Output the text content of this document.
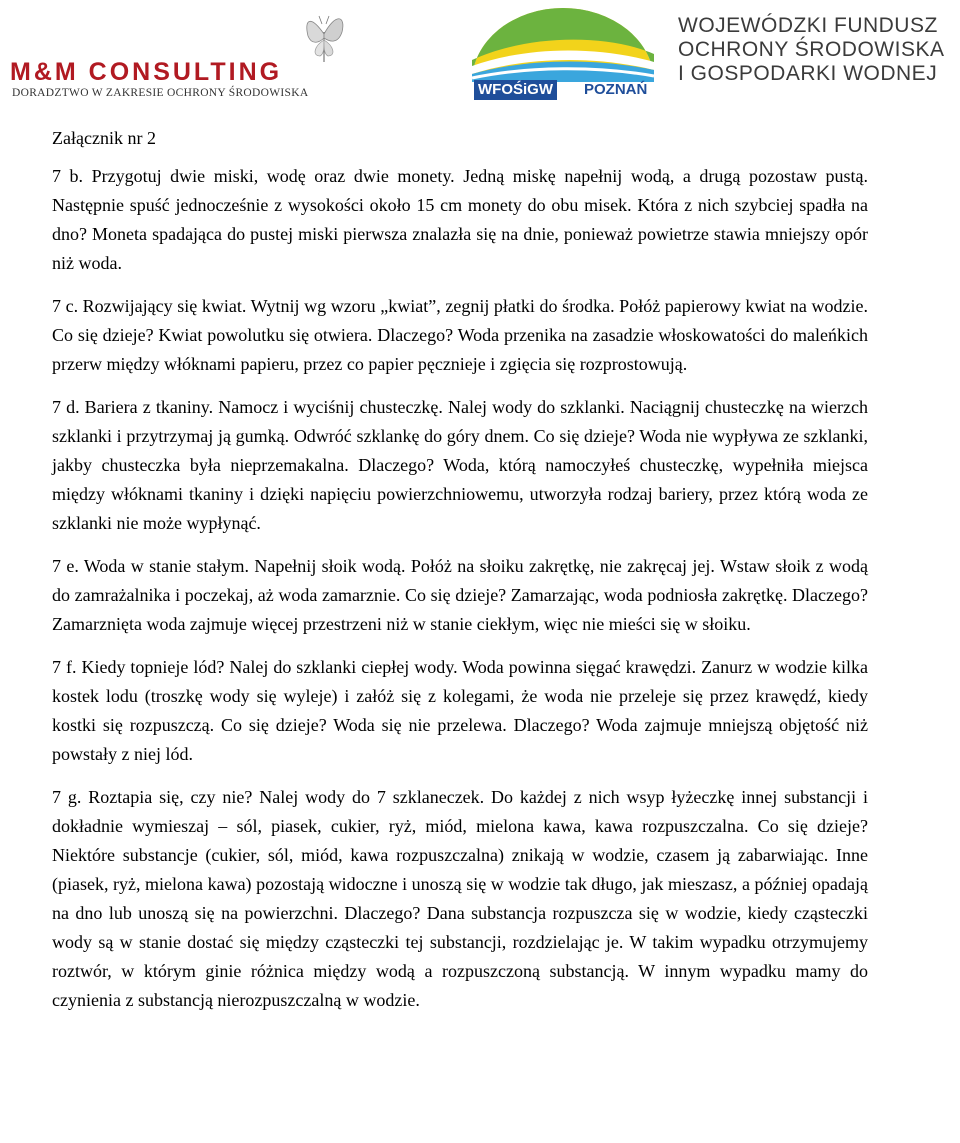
M&M CONSULTING
DORADZTWO W ZAKRESIE OCHRONY ŚRODOWISKA	WFOŚiGW POZNAŃ
WOJEWÓDZKI FUNDUSZ
OCHRONY ŚRODOWISKA
I GOSPODARKI WODNEJ

Załącznik nr 2

7 b. Przygotuj dwie miski, wodę oraz dwie monety. Jedną miskę napełnij wodą, a drugą pozostaw pustą. Następnie spuść jednocześnie z wysokości około 15 cm monety do obu misek. Która z nich szybciej spadła na dno? Moneta spadająca do pustej miski pierwsza znalazła się na dnie, ponieważ powietrze stawia mniejszy opór niż woda.

7 c. Rozwijający się kwiat. Wytnij wg wzoru „kwiat”, zegnij płatki do środka. Połóż papierowy kwiat na wodzie. Co się dzieje? Kwiat powolutku się otwiera. Dlaczego? Woda przenika na zasadzie włoskowatości do maleńkich przerw między włóknami papieru, przez co papier pęcznieje i zgięcia się rozprostowują.

7 d. Bariera z tkaniny. Namocz i wyciśnij chusteczkę. Nalej wody do szklanki. Naciągnij chusteczkę na wierzch szklanki i przytrzymaj ją gumką. Odwróć szklankę do góry dnem. Co się dzieje? Woda nie wypływa ze szklanki, jakby chusteczka była nieprzemakalna. Dlaczego? Woda, którą namoczyłeś chusteczkę, wypełniła miejsca między włóknami tkaniny i dzięki napięciu powierzchniowemu, utworzyła rodzaj bariery, przez którą woda ze szklanki nie może wypłynąć.

7 e. Woda w stanie stałym. Napełnij słoik wodą. Połóż na słoiku zakrętkę, nie zakręcaj jej. Wstaw słoik z wodą do zamrażalnika i poczekaj, aż woda zamarznie. Co się dzieje? Zamarzając, woda podniosła zakrętkę. Dlaczego? Zamarznięta woda zajmuje więcej przestrzeni niż w stanie ciekłym, więc nie mieści się w słoiku.

7 f. Kiedy topnieje lód? Nalej do szklanki ciepłej wody. Woda powinna sięgać krawędzi. Zanurz w wodzie kilka kostek lodu (troszkę wody się wyleje) i załóż się z kolegami, że woda nie przeleje się przez krawędź, kiedy kostki się rozpuszczą. Co się dzieje? Woda się nie przelewa. Dlaczego? Woda zajmuje mniejszą objętość niż powstały z niej lód.

7 g. Roztapia się, czy nie? Nalej wody do 7 szklaneczek. Do każdej z nich wsyp łyżeczkę innej substancji i dokładnie wymieszaj – sól, piasek, cukier, ryż, miód, mielona kawa, kawa rozpuszczalna. Co się dzieje? Niektóre substancje (cukier, sól, miód, kawa rozpuszczalna) znikają w wodzie, czasem ją zabarwiając. Inne (piasek, ryż, mielona kawa) pozostają widoczne i unoszą się w wodzie tak długo, jak mieszasz, a później opadają na dno lub unoszą się na powierzchni. Dlaczego? Dana substancja rozpuszcza się w wodzie, kiedy cząsteczki wody są w stanie dostać się między cząsteczki tej substancji, rozdzielając je. W takim wypadku otrzymujemy roztwór, w którym ginie różnica między wodą a rozpuszczoną substancją. W innym wypadku mamy do czynienia z substancją nierozpuszczalną w wodzie.
